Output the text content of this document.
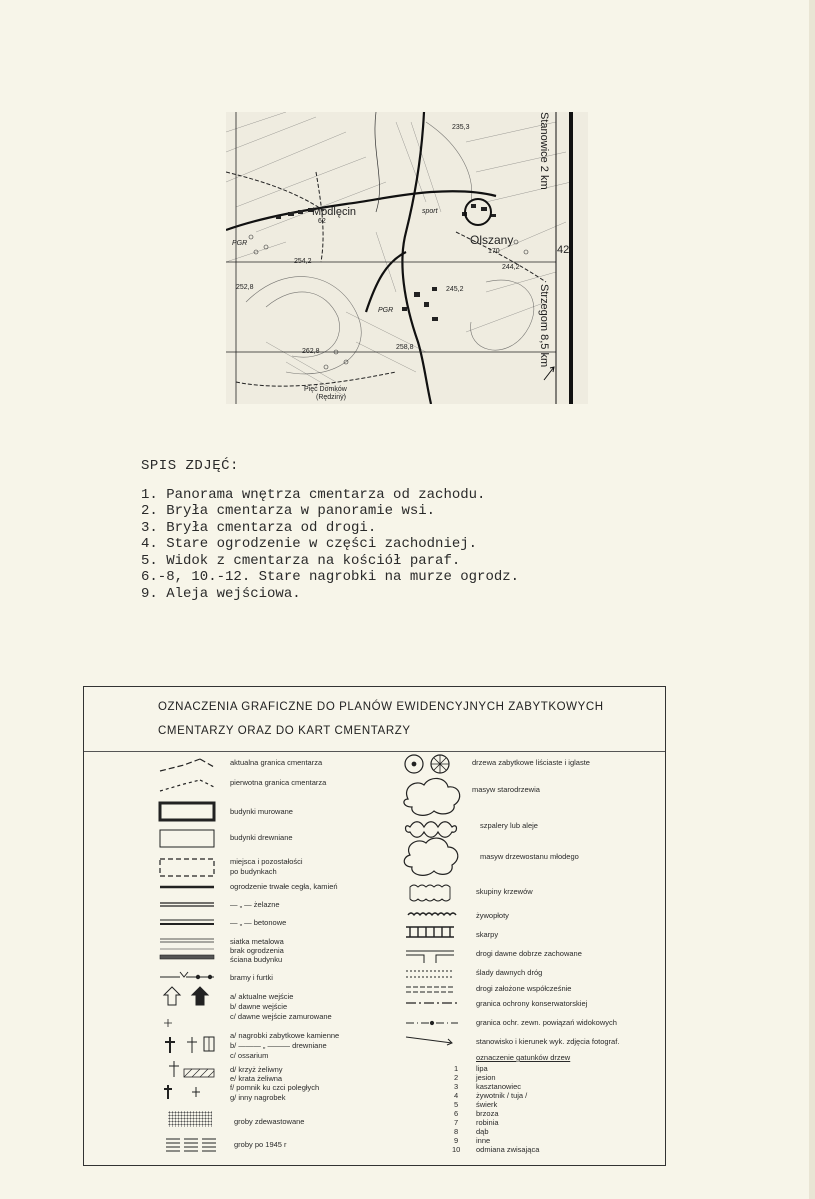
Modlęcin
Olszany
PGR
PGR
Pięć Domków
(Rędziny)
sport
235,3
170
244,2
254,2
252,8	245,2
258,8
262,8
62
42
Stanowice 2 km
Strzegom 8,5 km
SPIS ZDJĘĆ:
1. Panorama wnętrza cmentarza od zachodu.
2. Bryła cmentarza w panoramie wsi.
3. Bryła cmentarza od drogi.
4. Stare ogrodzenie w części zachodniej.
5. Widok z cmentarza na kościół paraf.
6.-8, 10.-12. Stare nagrobki na murze ogrodz.
9. Aleja wejściowa.
OZNACZENIA GRAFICZNE DO PLANÓW EWIDENCYJNYCH ZABYTKOWYCH
CMENTARZY ORAZ DO KART CMENTARZY
aktualna granica cmentarza
pierwotna granica cmentarza
budynki murowane
budynki drewniane
miejsca i pozostałości
po budynkach
ogrodzenie trwałe cegła, kamień
— „ — żelazne
— „ — betonowe
siatka metalowa
brak ogrodzenia
ściana budynku
bramy i furtki
a/ aktualne wejście
b/ dawne wejście
c/ dawne wejście zamurowane
a/ nagrobki zabytkowe kamienne
b/ ——— „ ——— drewniane
c/ ossarium
d/ krzyż żeliwny
e/ krata żeliwna
f/ pomnik ku czci poległych
g/ inny nagrobek
groby zdewastowane
groby po 1945 r
drzewa zabytkowe liściaste i iglaste
masyw starodrzewia
szpalery lub aleje
masyw drzewostanu młodego
skupiny krzewów
żywopłoty
skarpy
drogi dawne dobrze zachowane
ślady dawnych dróg
drogi założone współcześnie
granica ochrony konserwatorskiej
granica ochr. zewn. powiązań widokowych
stanowisko i kierunek wyk. zdjęcia fotograf.
oznaczenie gatunków drzew
1
2
3
4
5
6
7
8
9
10
lipa
jesion
kasztanowiec
żywotnik / tuja /
świerk
brzoza
robinia
dąb
inne
odmiana zwisająca
